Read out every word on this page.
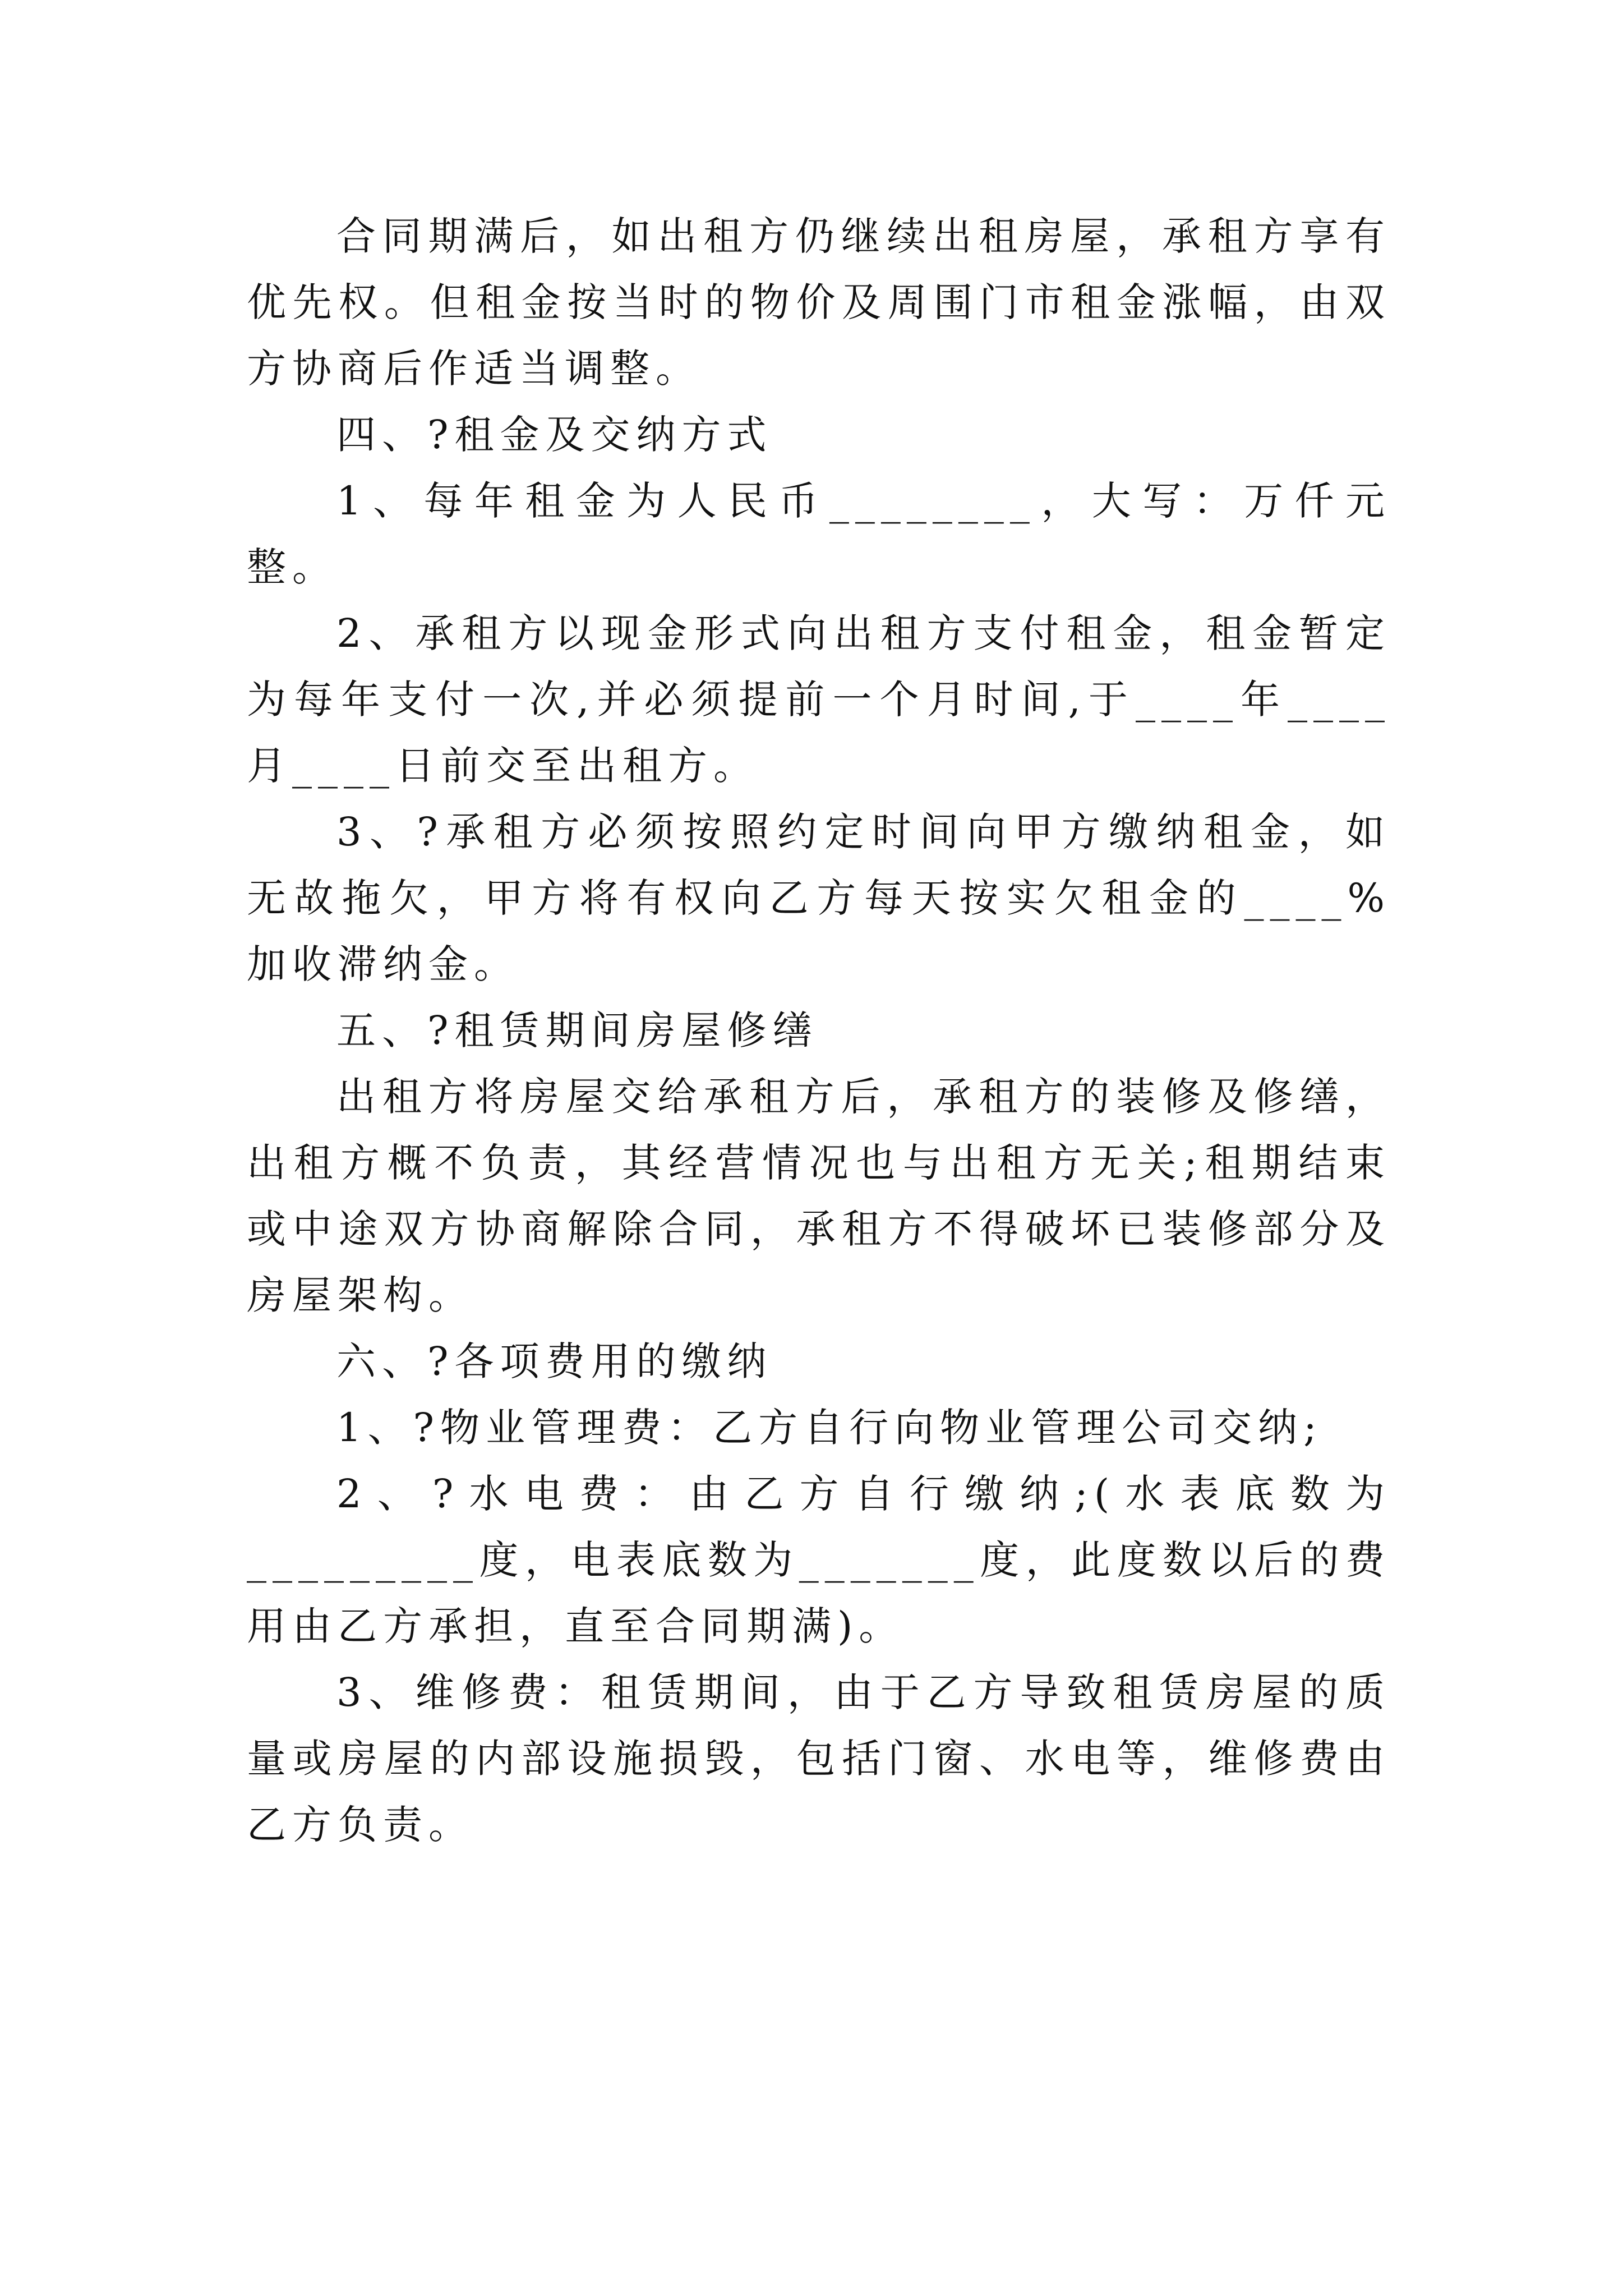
合同期满后，如出租方仍继续出租房屋，承租方享有优先权。但租金按当时的物价及周围门市租金涨幅，由双方协商后作适当调整。

四、?租金及交纳方式

1、每年租金为人民币________，大写：万仟元整。

2、承租方以现金形式向出租方支付租金，租金暂定为每年支付一次,并必须提前一个月时间,于____年____月____日前交至出租方。

3、?承租方必须按照约定时间向甲方缴纳租金，如无故拖欠，甲方将有权向乙方每天按实欠租金的____%加收滞纳金。

五、?租赁期间房屋修缮

出租方将房屋交给承租方后，承租方的装修及修缮，出租方概不负责，其经营情况也与出租方无关;租期结束或中途双方协商解除合同，承租方不得破坏已装修部分及房屋架构。

六、?各项费用的缴纳

1、?物业管理费：乙方自行向物业管理公司交纳;

2、?水电费：由乙方自行缴纳;(水表底数为_________度，电表底数为_______度，此度数以后的费用由乙方承担，直至合同期满)。

3、维修费：租赁期间，由于乙方导致租赁房屋的质量或房屋的内部设施损毁，包括门窗、水电等，维修费由乙方负责。
